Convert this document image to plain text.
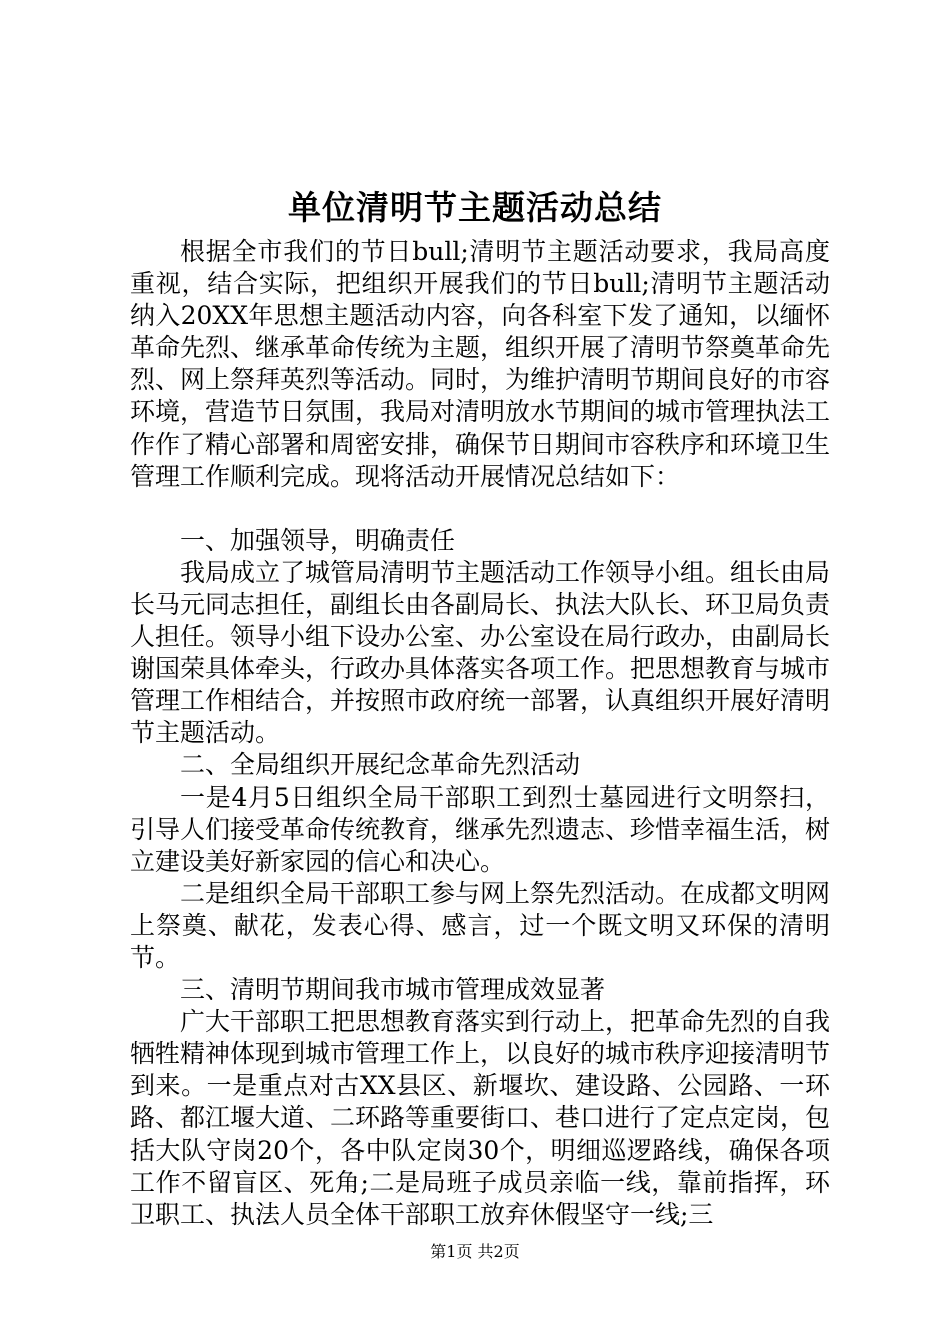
单位清明节主题活动总结

根据全市我们的节日bull;清明节主题活动要求，我局高度重视，结合实际，把组织开展我们的节日bull;清明节主题活动纳入20XX年思想主题活动内容，向各科室下发了通知，以缅怀革命先烈、继承革命传统为主题，组织开展了清明节祭奠革命先烈、网上祭拜英烈等活动。同时，为维护清明节期间良好的市容环境，营造节日氛围，我局对清明放水节期间的城市管理执法工作作了精心部署和周密安排，确保节日期间市容秩序和环境卫生管理工作顺利完成。现将活动开展情况总结如下：

一、加强领导，明确责任

我局成立了城管局清明节主题活动工作领导小组。组长由局长马元同志担任，副组长由各副局长、执法大队长、环卫局负责人担任。领导小组下设办公室、办公室设在局行政办，由副局长谢国荣具体牵头，行政办具体落实各项工作。把思想教育与城市管理工作相结合，并按照市政府统一部署，认真组织开展好清明节主题活动。

二、全局组织开展纪念革命先烈活动

一是4月5日组织全局干部职工到烈士墓园进行文明祭扫，引导人们接受革命传统教育，继承先烈遗志、珍惜幸福生活，树立建设美好新家园的信心和决心。

二是组织全局干部职工参与网上祭先烈活动。在成都文明网上祭奠、献花，发表心得、感言，过一个既文明又环保的清明节。

三、清明节期间我市城市管理成效显著

广大干部职工把思想教育落实到行动上，把革命先烈的自我牺牲精神体现到城市管理工作上，以良好的城市秩序迎接清明节到来。一是重点对古XX县区、新堰坎、建设路、公园路、一环路、都江堰大道、二环路等重要街口、巷口进行了定点定岗，包括大队守岗20个，各中队定岗30个，明细巡逻路线，确保各项工作不留盲区、死角;二是局班子成员亲临一线，靠前指挥，环卫职工、执法人员全体干部职工放弃休假坚守一线;三

第1页 共2页
